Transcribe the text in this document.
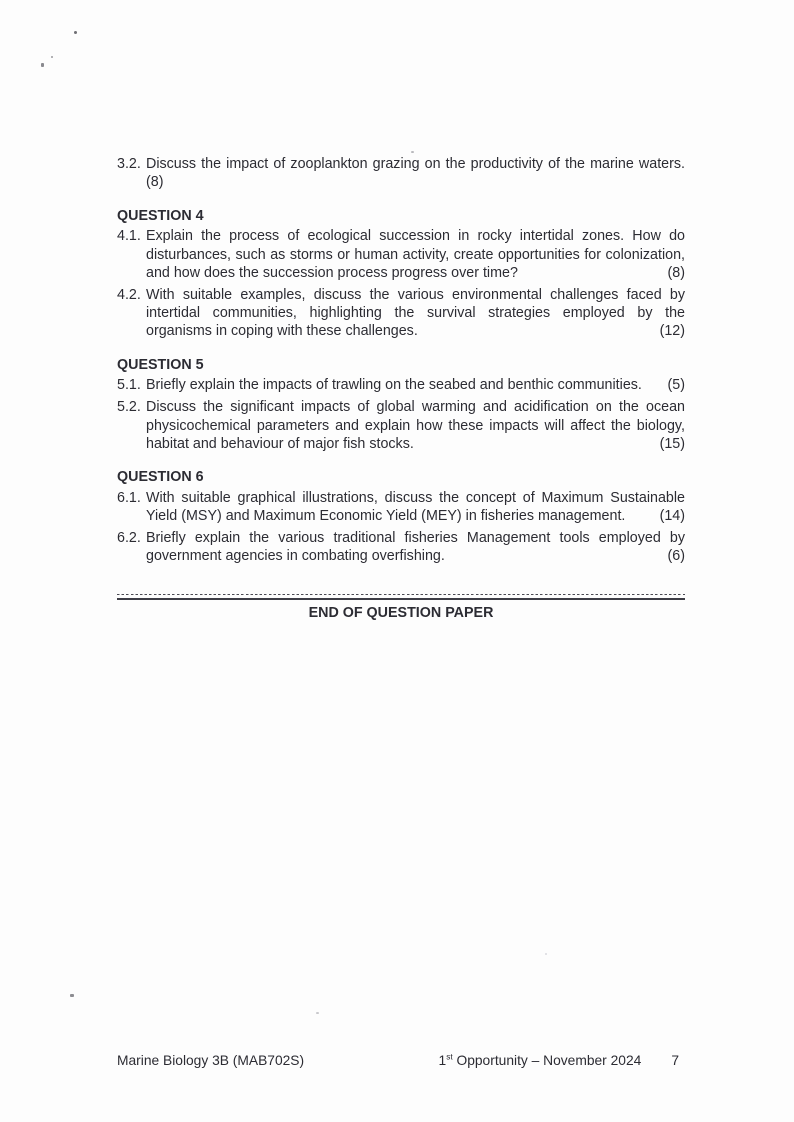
3.2. Discuss the impact of zooplankton grazing on the productivity of the marine waters. (8)

QUESTION 4

4.1. Explain the process of ecological succession in rocky intertidal zones. How do disturbances, such as storms or human activity, create opportunities for colonization, and how does the succession process progress over time?	(8)

4.2. With suitable examples, discuss the various environmental challenges faced by intertidal communities, highlighting the survival strategies employed by the organisms in coping with these challenges.	(12)

QUESTION 5

5.1. Briefly explain the impacts of trawling on the seabed and benthic communities. (5)

5.2. Discuss the significant impacts of global warming and acidification on the ocean physicochemical parameters and explain how these impacts will affect the biology, habitat and behaviour of major fish stocks.	(15)

QUESTION 6

6.1. With suitable graphical illustrations, discuss the concept of Maximum Sustainable Yield (MSY) and Maximum Economic Yield (MEY) in fisheries management. (14)

6.2. Briefly explain the various traditional fisheries Management tools employed by government agencies in combating overfishing.	(6)

END OF QUESTION PAPER
Marine Biology 3B (MAB702S)	1st Opportunity – November 2024 7
